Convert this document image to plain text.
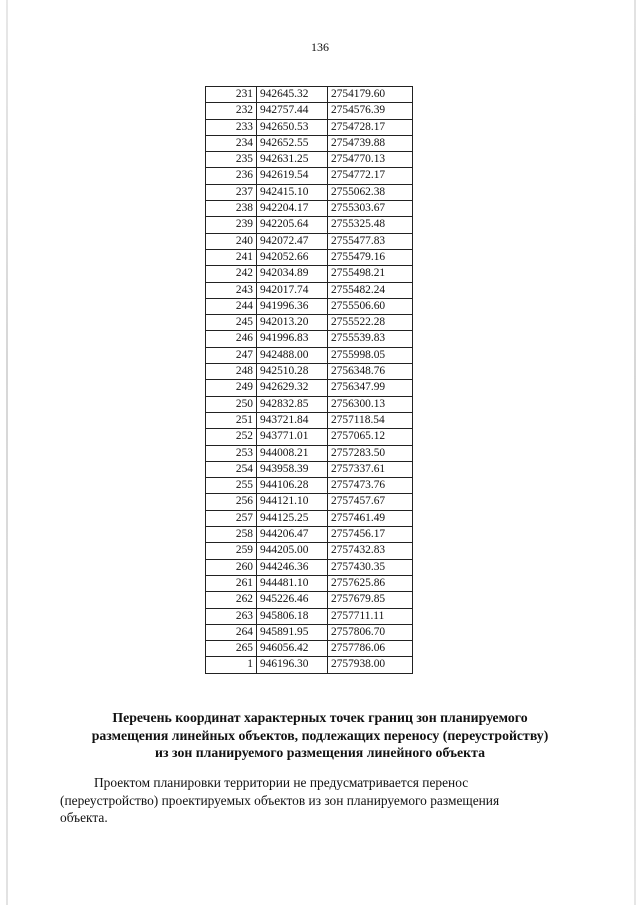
136
231	942645.32	2754179.60
232	942757.44	2754576.39
233	942650.53	2754728.17
234	942652.55	2754739.88
235	942631.25	2754770.13
236	942619.54	2754772.17
237	942415.10	2755062.38
238	942204.17	2755303.67
239	942205.64	2755325.48
240	942072.47	2755477.83
241	942052.66	2755479.16
242	942034.89	2755498.21
243	942017.74	2755482.24
244	941996.36	2755506.60
245	942013.20	2755522.28
246	941996.83	2755539.83
247	942488.00	2755998.05
248	942510.28	2756348.76
249	942629.32	2756347.99
250	942832.85	2756300.13
251	943721.84	2757118.54
252	943771.01	2757065.12
253	944008.21	2757283.50
254	943958.39	2757337.61
255	944106.28	2757473.76
256	944121.10	2757457.67
257	944125.25	2757461.49
258	944206.47	2757456.17
259	944205.00	2757432.83
260	944246.36	2757430.35
261	944481.10	2757625.86
262	945226.46	2757679.85
263	945806.18	2757711.11
264	945891.95	2757806.70
265	946056.42	2757786.06
1	946196.30	2757938.00
Перечень координат характерных точек границ зон планируемого
размещения линейных объектов, подлежащих переносу (переустройству)
из зон планируемого размещения линейного объекта
Проектом планировки территории не предусматривается перенос
(переустройство) проектируемых объектов из зон планируемого размещения
объекта.
